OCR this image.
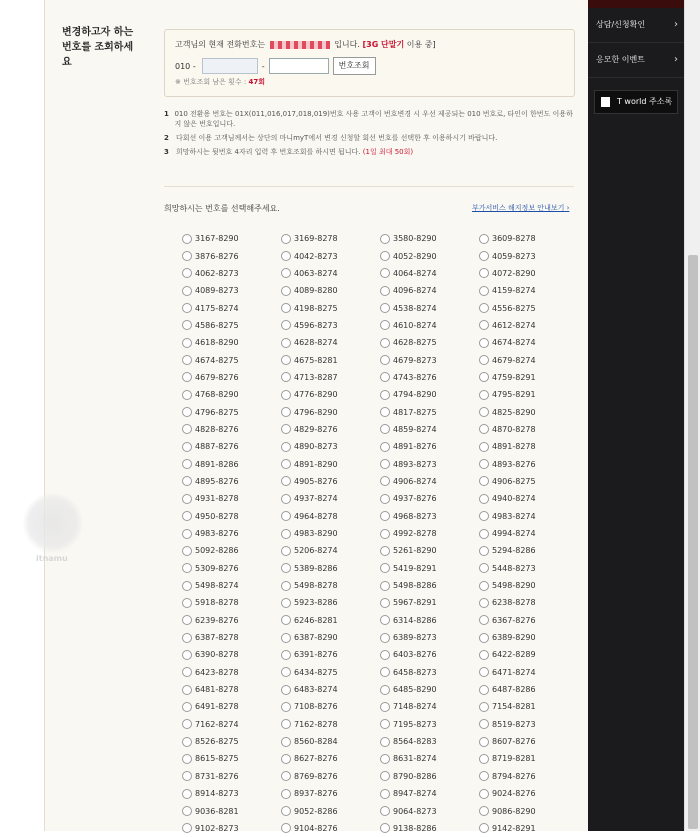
변경하고자 하는
번호를 조회하세요
고객님의 현재 전화번호는	입니다. [3G 단말기 이용 중]
010 -	-	번호조회
※ 번호조회 남은 횟수 : 47회
1 010 전환용 번호는 01X(011,016,017,018,019)번호 사용 고객이 번호변경 시 우선 제공되는 010 번호로, 타인이 한번도 이용하지 않은 번호입니다.
2	다회선 이용 고객님께서는 상단의 마니myT에서 변경 신청할 회선 번호를 선택한 후 이용하시기 바랍니다.
3	희망하시는 뒷번호 4자리 입력 후 번호조회를 하시면 됩니다. (1일 최대 50회)
희망하시는 번호를 선택해주세요.	부가서비스 해지정보 안내보기 ›
3167-8290	3169-8278	3580-8290	3609-8278
3876-8276	4042-8273	4052-8290	4059-8273
4062-8273	4063-8274	4064-8274	4072-8290
4089-8273	4089-8280	4096-8274	4159-8274
4175-8274	4198-8275	4538-8274	4556-8275
4586-8275	4596-8273	4610-8274	4612-8274
4618-8290	4628-8274	4628-8275	4674-8274
4674-8275	4675-8281	4679-8273	4679-8274
4679-8276	4713-8287	4743-8276	4759-8291
4768-8290	4776-8290	4794-8290	4795-8291
4796-8275	4796-8290	4817-8275	4825-8290
4828-8276	4829-8276	4859-8274	4870-8278
4887-8276	4890-8273	4891-8276	4891-8278
4891-8286	4891-8290	4893-8273	4893-8276
4895-8276	4905-8276	4906-8274	4906-8275
4931-8278	4937-8274	4937-8276	4940-8274
4950-8278	4964-8278	4968-8273	4983-8274
4983-8276	4983-8290	4992-8278	4994-8274
5092-8286	5206-8274	5261-8290	5294-8286
5309-8276	5389-8286	5419-8291	5448-8273
5498-8274	5498-8278	5498-8286	5498-8290
5918-8278	5923-8286	5967-8291	6238-8278
6239-8276	6246-8281	6314-8286	6367-8276
6387-8278	6387-8290	6389-8273	6389-8290
6390-8278	6391-8276	6403-8276	6422-8289
6423-8278	6434-8275	6458-8273	6471-8274
6481-8278	6483-8274	6485-8290	6487-8286
6491-8278	7108-8276	7148-8274	7154-8281
7162-8274	7162-8278	7195-8273	8519-8273
8526-8275	8560-8284	8564-8283	8607-8276
8615-8275	8627-8276	8631-8274	8719-8281
8731-8276	8769-8276	8790-8286	8794-8276
8914-8273	8937-8276	8947-8274	9024-8276
9036-8281	9052-8286	9064-8273	9086-8290
9102-8273	9104-8276	9138-8286	9142-8291
itnamu
상담/신청확인	›
응모한 이벤트	›
T world 주소록
